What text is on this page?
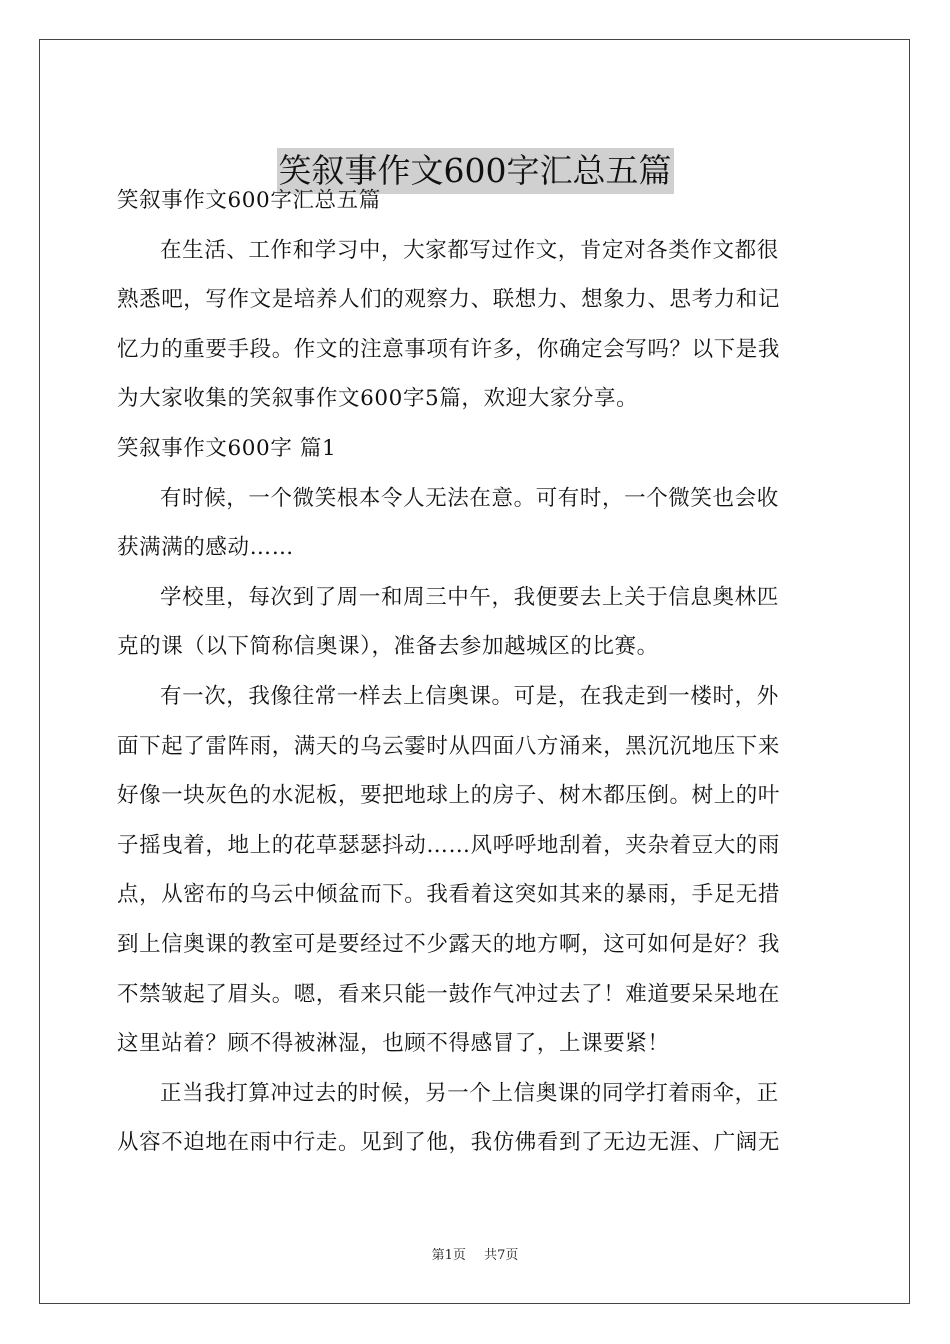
笑叙事作文600字汇总五篇
笑叙事作文600字汇总五篇
在生活、工作和学习中，大家都写过作文，肯定对各类作文都很
熟悉吧，写作文是培养人们的观察力、联想力、想象力、思考力和记
忆力的重要手段。作文的注意事项有许多，你确定会写吗？以下是我
为大家收集的笑叙事作文600字5篇，欢迎大家分享。
笑叙事作文600字 篇1
有时候，一个微笑根本令人无法在意。可有时，一个微笑也会收
获满满的感动……
学校里，每次到了周一和周三中午，我便要去上关于信息奥林匹
克的课（以下简称信奥课），准备去参加越城区的比赛。
有一次，我像往常一样去上信奥课。可是，在我走到一楼时，外
面下起了雷阵雨，满天的乌云霎时从四面八方涌来，黑沉沉地压下来
好像一块灰色的水泥板，要把地球上的房子、树木都压倒。树上的叶
子摇曳着，地上的花草瑟瑟抖动……风呼呼地刮着，夹杂着豆大的雨
点，从密布的乌云中倾盆而下。我看着这突如其来的暴雨，手足无措
到上信奥课的教室可是要经过不少露天的地方啊，这可如何是好？我
不禁皱起了眉头。嗯，看来只能一鼓作气冲过去了！难道要呆呆地在
这里站着？顾不得被淋湿，也顾不得感冒了，上课要紧！
正当我打算冲过去的时候，另一个上信奥课的同学打着雨伞，正
从容不迫地在雨中行走。见到了他，我仿佛看到了无边无涯、广阔无
第1页 共7页
